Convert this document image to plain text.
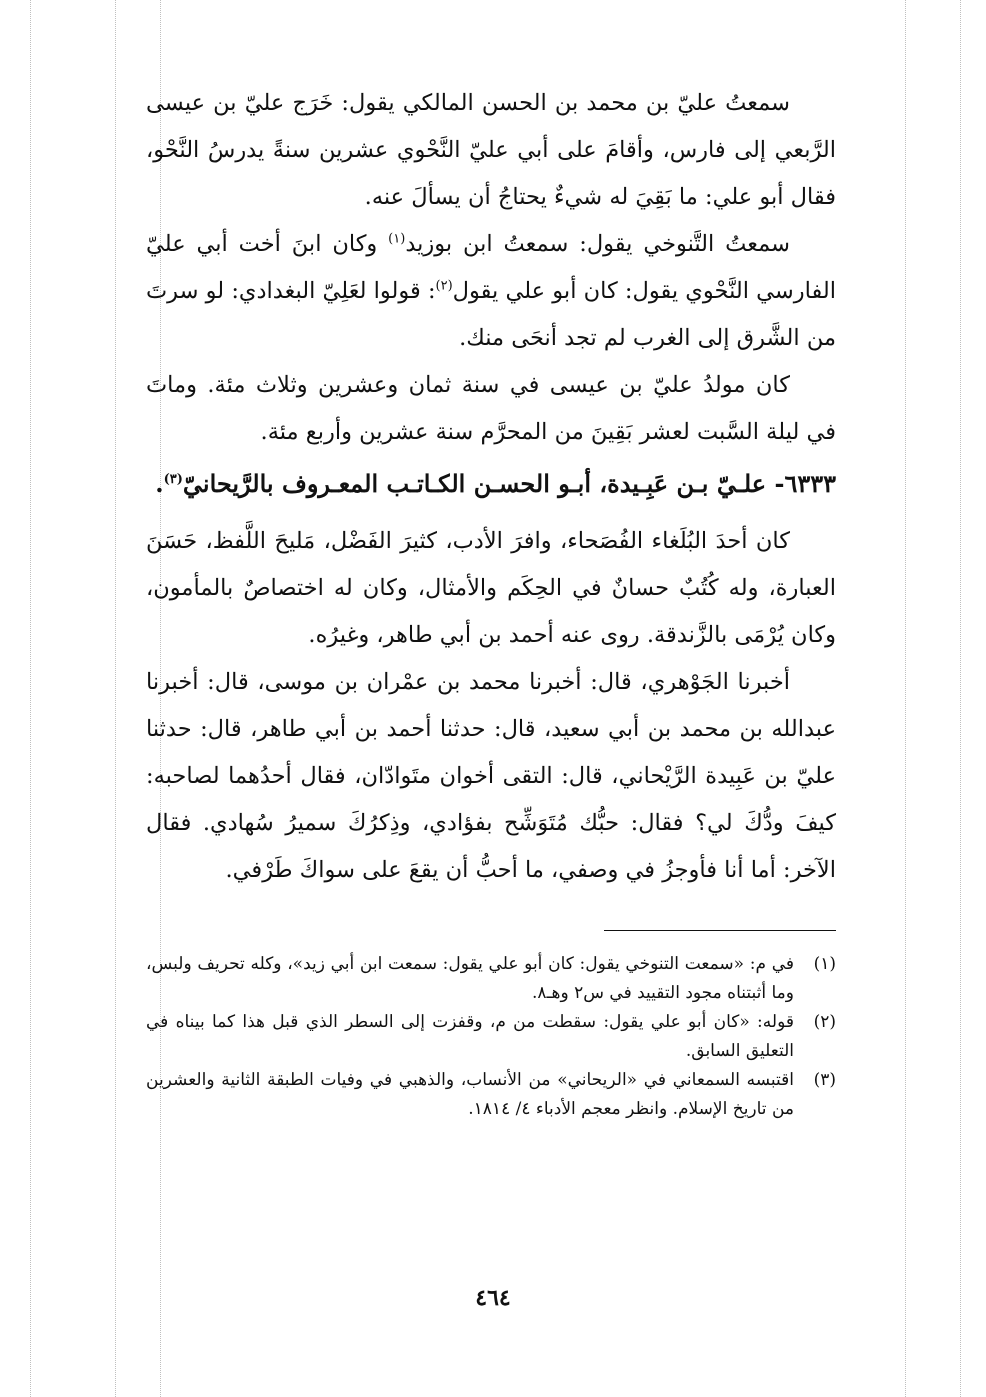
سمعتُ عليّ بن محمد بن الحسن المالكي يقول: خَرَج عليّ بن عيسى الرَّبعي إلى فارس، وأقامَ على أبي عليّ النَّحْوي عشرين سنةً يدرسُ النَّحْو، فقال أبو علي: ما بَقِيَ له شيءٌ يحتاجُ أن يسألَ عنه.

سمعتُ التَّنوخي يقول: سمعتُ ابن بوزيد$^{(١)}$ وكان ابنَ أخت أبي عليّ الفارسي النَّحْوي يقول: كان أبو علي يقول$^{(٢)}$: قولوا لعَلِيّ البغدادي: لو سرتَ من الشَّرق إلى الغرب لم تجد أنحَى منك.

كان مولدُ عليّ بن عيسى في سنة ثمان وعشرين وثلاث مئة. وماتَ في ليلة السَّبت لعشر بَقِينَ من المحرَّم سنة عشرين وأربع مئة.

٦٣٣٣- علـيّ بـن عَبِـيدة، أبـو الحسـن الكـاتـب المعـروف بالرَّيحانيّ$^{(٣)}$.

كان أحدَ البُلَغاء الفُصَحاء، وافرَ الأدب، كثيرَ الفَضْل، مَليحَ اللَّفظ، حَسَنَ العبارة، وله كُتُبٌ حسانٌ في الحِكَم والأمثال، وكان له اختصاصٌ بالمأمون، وكان يُرْمَى بالزَّندقة. روى عنه أحمد بن أبي طاهر، وغيرُه.

أخبرنا الجَوْهري، قال: أخبرنا محمد بن عمْران بن موسى، قال: أخبرنا عبدالله بن محمد بن أبي سعيد، قال: حدثنا أحمد بن أبي طاهر، قال: حدثنا عليّ بن عَبِيدة الرَّيْحاني، قال: التقى أخوان متَوادّان، فقال أحدُهما لصاحبه: كيفَ ودُّكَ لي؟ فقال: حبُّك مُتَوَشِّح بفؤادي، وذِكرُكَ سميرُ سُهادي. فقال الآخر: أما أنا فأوجزُ في وصفي، ما أحبُّ أن يقعَ على سواكَ طَرْفي.

(١)
في م: «سمعت التنوخي يقول: كان أبو علي يقول: سمعت ابن أبي زيد»، وكله تحريف ولبس، وما أثبتناه مجود التقييد في س٢ وهـ٨.
(٢)
قوله: «كان أبو علي يقول: سقطت من م، وقفزت إلى السطر الذي قبل هذا كما بيناه في التعليق السابق.
(٣)
اقتبسه السمعاني في «الريحاني» من الأنساب، والذهبي في وفيات الطبقة الثانية والعشرين من تاريخ الإسلام. وانظر معجم الأدباء ٤/ ١٨١٤.
٤٦٤
